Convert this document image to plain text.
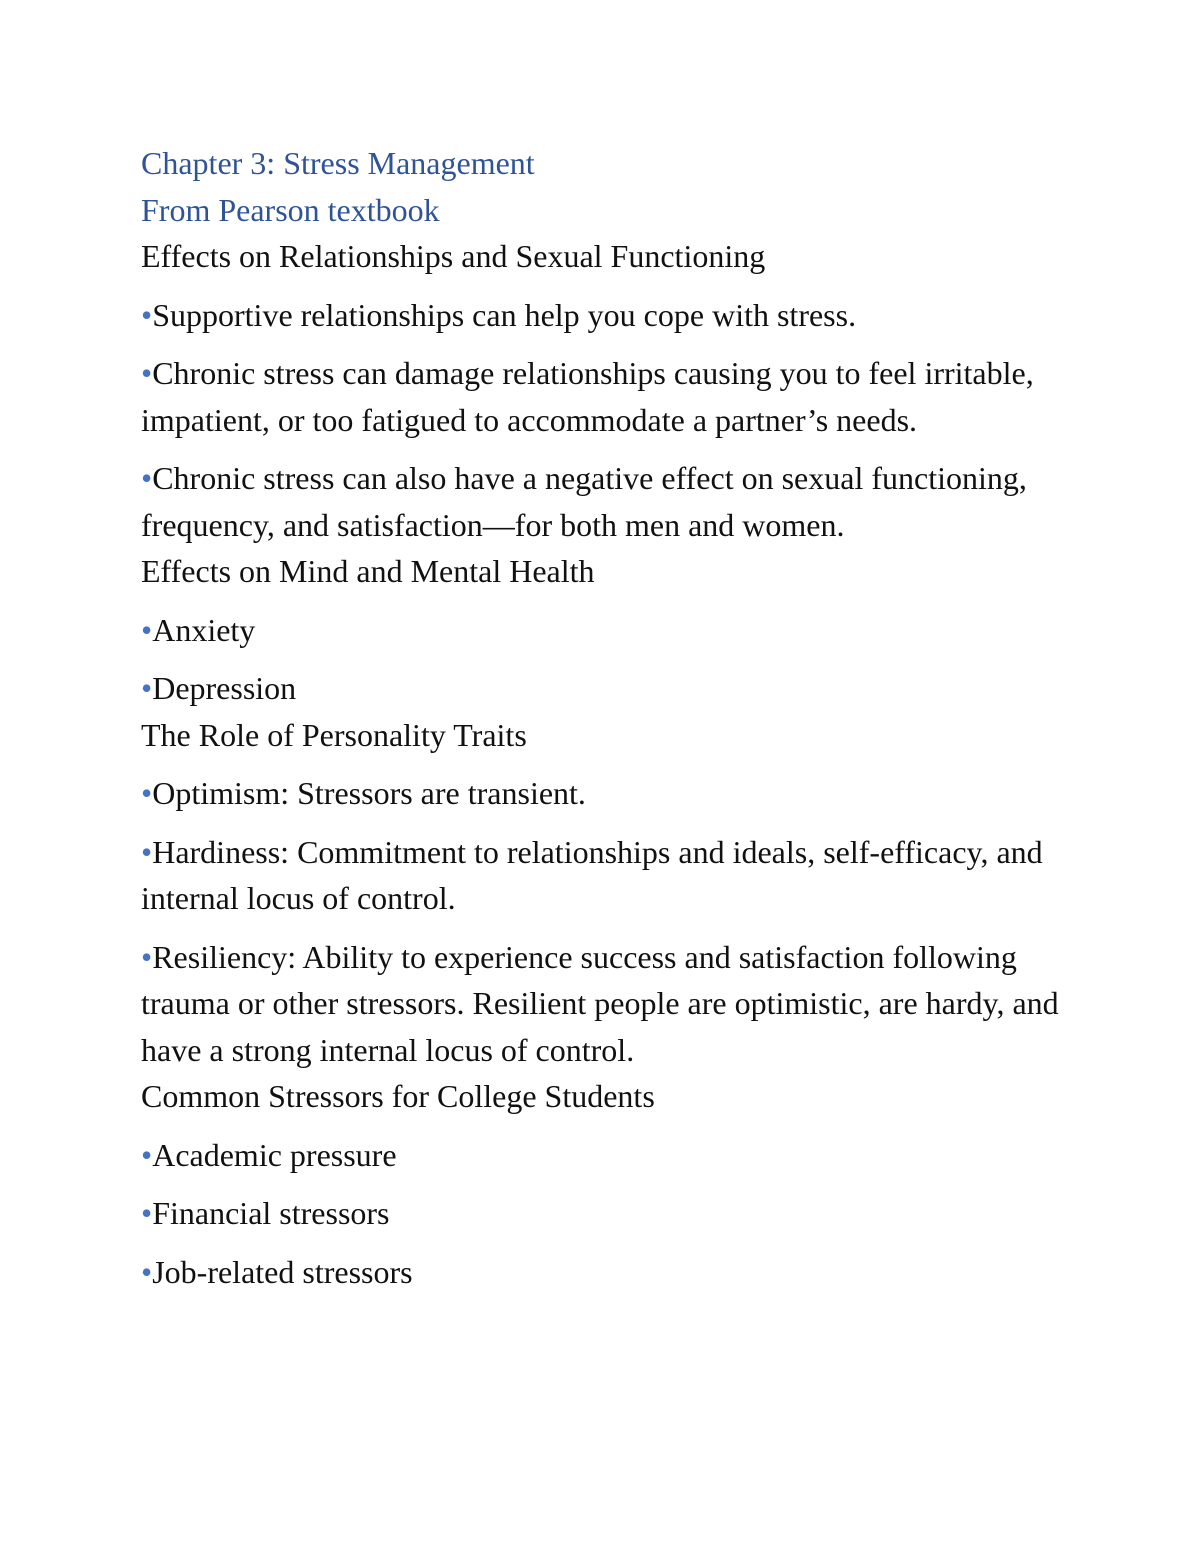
Chapter 3: Stress Management
From Pearson textbook
Effects on Relationships and Sexual Functioning
•Supportive relationships can help you cope with stress.
•Chronic stress can damage relationships causing you to feel irritable, impatient, or too fatigued to accommodate a partner’s needs.
•Chronic stress can also have a negative effect on sexual functioning, frequency, and satisfaction—for both men and women.
Effects on Mind and Mental Health
•Anxiety
•Depression
The Role of Personality Traits
•Optimism: Stressors are transient.
•Hardiness: Commitment to relationships and ideals, self-efficacy, and internal locus of control.
•Resiliency: Ability to experience success and satisfaction following trauma or other stressors. Resilient people are optimistic, are hardy, and have a strong internal locus of control.
Common Stressors for College Students
•Academic pressure
•Financial stressors
•Job-related stressors
